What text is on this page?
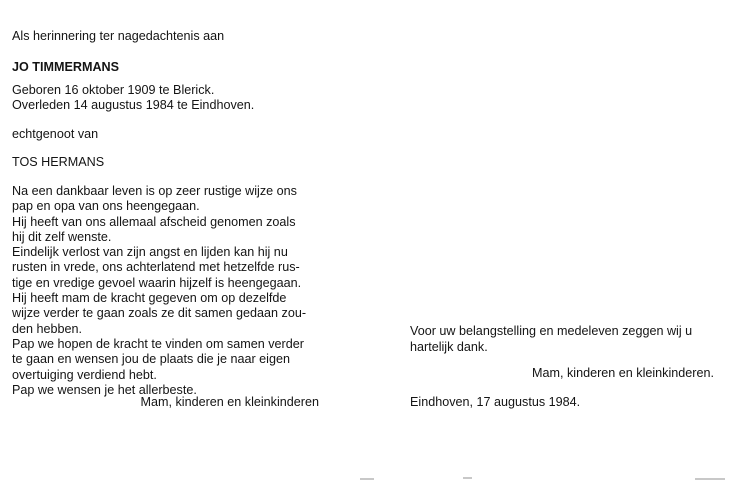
Als herinnering ter nagedachtenis aan
JO TIMMERMANS
Geboren 16 oktober 1909 te Blerick.
Overleden 14 augustus 1984 te Eindhoven.
echtgenoot van
TOS HERMANS
Na een dankbaar leven is op zeer rustige wijze ons
pap en opa van ons heengegaan.
Hij heeft van ons allemaal afscheid genomen zoals
hij dit zelf wenste.
Eindelijk verlost van zijn angst en lijden kan hij nu
rusten in vrede, ons achterlatend met hetzelfde rus-
tige en vredige gevoel waarin hijzelf is heengegaan.
Hij heeft mam de kracht gegeven om op dezelfde
wijze verder te gaan zoals ze dit samen gedaan zou-
den hebben.
Pap we hopen de kracht te vinden om samen verder
te gaan en wensen jou de plaats die je naar eigen
overtuiging verdiend hebt.
Pap we wensen je het allerbeste.
Mam, kinderen en kleinkinderen
Voor uw belangstelling en medeleven zeggen wij u
hartelijk dank.
Mam, kinderen en kleinkinderen.
Eindhoven, 17 augustus 1984.
